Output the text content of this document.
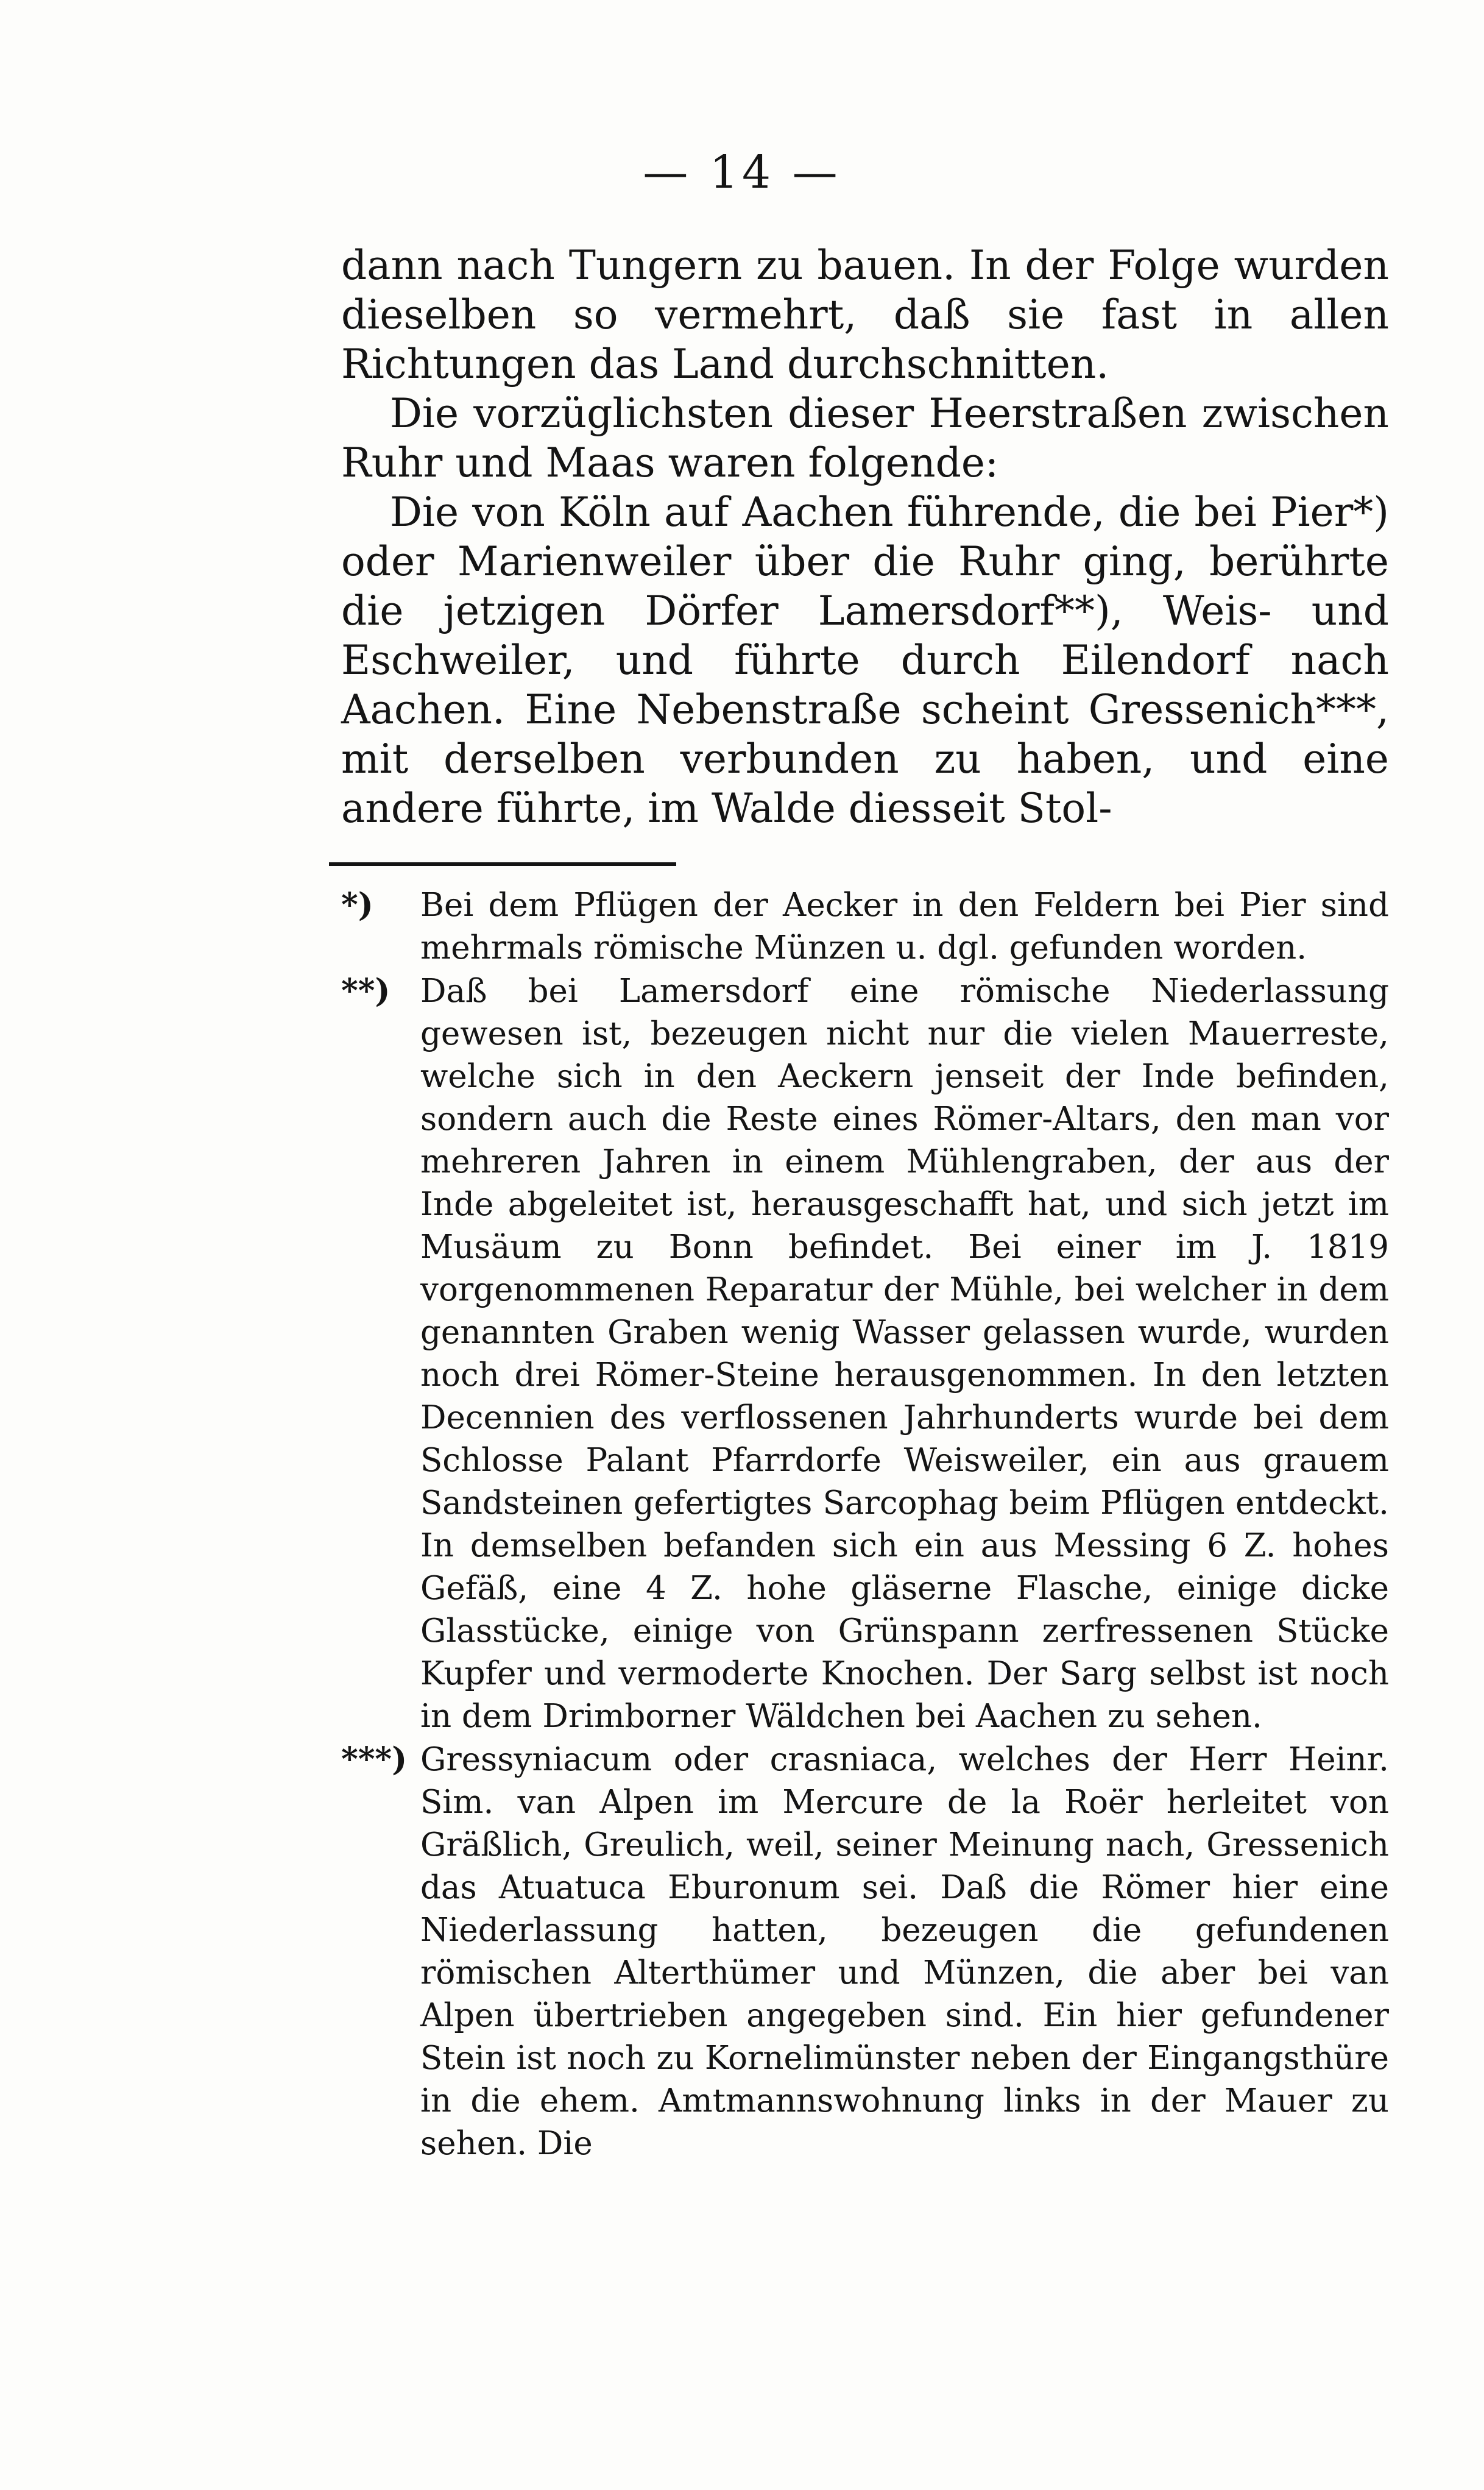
— 14 —

dann nach Tungern zu bauen. In der Folge wurden dieselben so vermehrt, daß sie fast in allen Richtungen das Land durchschnitten.

Die vorzüglichsten dieser Heerstraßen zwischen Ruhr und Maas waren folgende:

Die von Köln auf Aachen führende, die bei Pier*) oder Marienweiler über die Ruhr ging, berührte die jetzigen Dörfer Lamersdorf**), Weis- und Eschweiler, und führte durch Eilendorf nach Aachen. Eine Nebenstraße scheint Gressenich***, mit derselben verbunden zu haben, und eine andere führte, im Walde diesseit Stol-

*) Bei dem Pflügen der Aecker in den Feldern bei Pier sind mehrmals römische Münzen u. dgl. gefunden worden.

**) Daß bei Lamersdorf eine römische Niederlassung gewesen ist, bezeugen nicht nur die vielen Mauerreste, welche sich in den Aeckern jenseit der Inde befinden, sondern auch die Reste eines Römer-Altars, den man vor mehreren Jahren in einem Mühlengraben, der aus der Inde abgeleitet ist, herausgeschafft hat, und sich jetzt im Musäum zu Bonn befindet. Bei einer im J. 1819 vorgenommenen Reparatur der Mühle, bei welcher in dem genannten Graben wenig Wasser gelassen wurde, wurden noch drei Römer-Steine herausgenommen. In den letzten Decennien des verflossenen Jahrhunderts wurde bei dem Schlosse Palant Pfarrdorfe Weisweiler, ein aus grauem Sandsteinen gefertigtes Sarcophag beim Pflügen entdeckt. In demselben befanden sich ein aus Messing 6 Z. hohes Gefäß, eine 4 Z. hohe gläserne Flasche, einige dicke Glasstücke, einige von Grünspann zerfressenen Stücke Kupfer und vermoderte Knochen. Der Sarg selbst ist noch in dem Drimborner Wäldchen bei Aachen zu sehen.

***) Gressyniacum oder crasniaca, welches der Herr Heinr. Sim. van Alpen im Mercure de la Roër herleitet von Gräßlich, Greulich, weil, seiner Meinung nach, Gressenich das Atuatuca Eburonum sei. Daß die Römer hier eine Niederlassung hatten, bezeugen die gefundenen römischen Alterthümer und Münzen, die aber bei van Alpen übertrieben angegeben sind. Ein hier gefundener Stein ist noch zu Kornelimünster neben der Eingangsthüre in die ehem. Amtmannswohnung links in der Mauer zu sehen. Die
